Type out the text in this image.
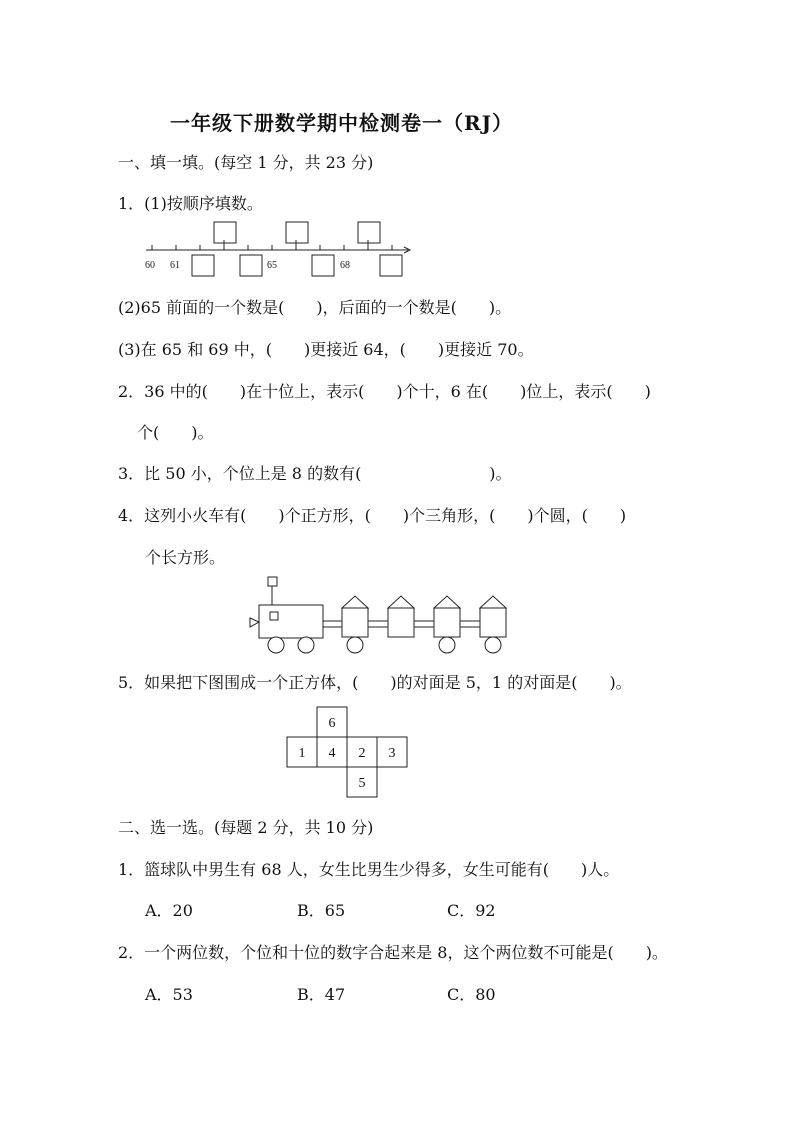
一年级下册数学期中检测卷一（RJ）
一、填一填。(每空 1 分，共 23 分)
1．(1)按顺序填数。
60 61	65	68
(2)65 前面的一个数是(　　)，后面的一个数是(　　)。
(3)在 65 和 69 中，(　　)更接近 64，(　　)更接近 70。
2．36 中的(　　)在十位上，表示(　　)个十，6 在(　　)位上，表示(　　)
个(　　)。
3．比 50 小，个位上是 8 的数有(　　　　　　　　)。
4．这列小火车有(　　)个正方形，(　　)个三角形，(　　)个圆，(　　)
个长方形。
5．如果把下图围成一个正方体，(　　)的对面是 5，1 的对面是(　　)。
6
1 4 2 3
5
二、选一选。(每题 2 分，共 10 分)
1．篮球队中男生有 68 人，女生比男生少得多，女生可能有(　　)人。
A．20	B．65	C．92
2．一个两位数，个位和十位的数字合起来是 8，这个两位数不可能是(　　)。
A．53	B．47	C．80
